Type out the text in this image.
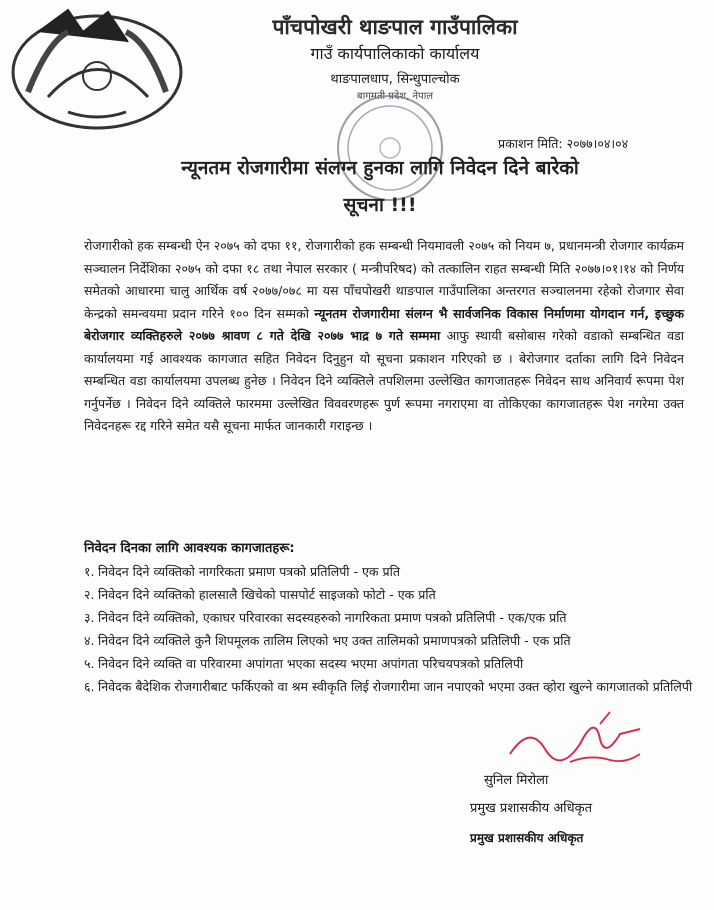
पाँचपोखरी थाङपाल गाउँपालिका
गाउँ कार्यपालिकाको कार्यालय
थाङपालधाप, सिन्धुपाल्चोक
बागमती प्रदेश, नेपाल
प्रकाशन मिति: २०७७।०४।०४
न्यूनतम रोजगारीमा संलग्न हुनका लागि निवेदन दिने बारेको
सूचना !!!
रोजगारीको हक सम्बन्धी ऐन २०७५ को दफा ११, रोजगारीको हक सम्बन्धी नियमावली २०७५ को नियम ७, प्रधानमन्त्री रोजगार कार्यक्रम सञ्चालन निर्देशिका २०७५ को दफा १८ तथा नेपाल सरकार ( मन्त्रीपरिषद) को तत्कालिन राहत सम्बन्धी मिति २०७७।०१।१४ को निर्णय समेतको आधारमा चालु आर्थिक वर्ष २०७७/०७८ मा यस पाँचपोखरी थाङपाल गाउँपालिका अन्तरगत सञ्चालनमा रहेको रोजगार सेवा केन्द्रको समन्वयमा प्रदान गरिने १०० दिन सम्मको न्यूनतम रोजगारीमा संलग्न भै सार्वजनिक विकास निर्माणमा योगदान गर्न, इच्छुक बेरोजगार व्यक्तिहरुले २०७७ श्रावण ८ गते देखि २०७७ भाद्र ७ गते सम्ममा आफु स्थायी बसोबास गरेको वडाको सम्बन्धित वडा कार्यालयमा गई आवश्यक कागजात सहित निवेदन दिनुहुन यो सूचना प्रकाशन गरिएको छ । बेरोजगार दर्ताका लागि दिने निवेदन सम्बन्धित वडा कार्यालयमा उपलब्ध हुनेछ । निवेदन दिने व्यक्तिले तपशिलमा उल्लेखित कागजातहरू निवेदन साथ अनिवार्य रूपमा पेश गर्नुपर्नेछ । निवेदन दिने व्यक्तिले फारममा उल्लेखित विववरणहरू पुर्ण रूपमा नगराएमा वा तोकिएका कागजातहरू पेश नगरेमा उक्त निवेदनहरू रद्द गरिने समेत यसै सूचना मार्फत जानकारी गराइन्छ ।
निवेदन दिनका लागि आवश्यक कागजातहरू:
१. निवेदन दिने व्यक्तिको नागरिकता प्रमाण पत्रको प्रतिलिपी - एक प्रति
२. निवेदन दिने व्यक्तिको हालसालै खिचेको पासपोर्ट साइजको फोटो - एक प्रति
३. निवेदन दिने व्यक्तिको, एकाघर परिवारका सदस्यहरुको नागरिकता प्रमाण पत्रको प्रतिलिपी - एक/एक प्रति
४. निवेदन दिने व्यक्तिले कुनै शिपमूलक तालिम लिएको भए उक्त तालिमको प्रमाणपत्रको प्रतिलिपी - एक प्रति
५. निवेदन दिने व्यक्ति वा परिवारमा अपांगता भएका सदस्य भएमा अपांगता परिचयपत्रको प्रतिलिपी
६. निवेदक बैदेशिक रोजगारीबाट फर्किएको वा श्रम स्वीकृति लिई रोजगारीमा जान नपाएको भएमा उक्त व्होरा खुल्ने कागजातको प्रतिलिपी
सुनिल मिरोला
प्रमुख प्रशासकीय अधिकृत
प्रमुख प्रशासकीय अधिकृत
